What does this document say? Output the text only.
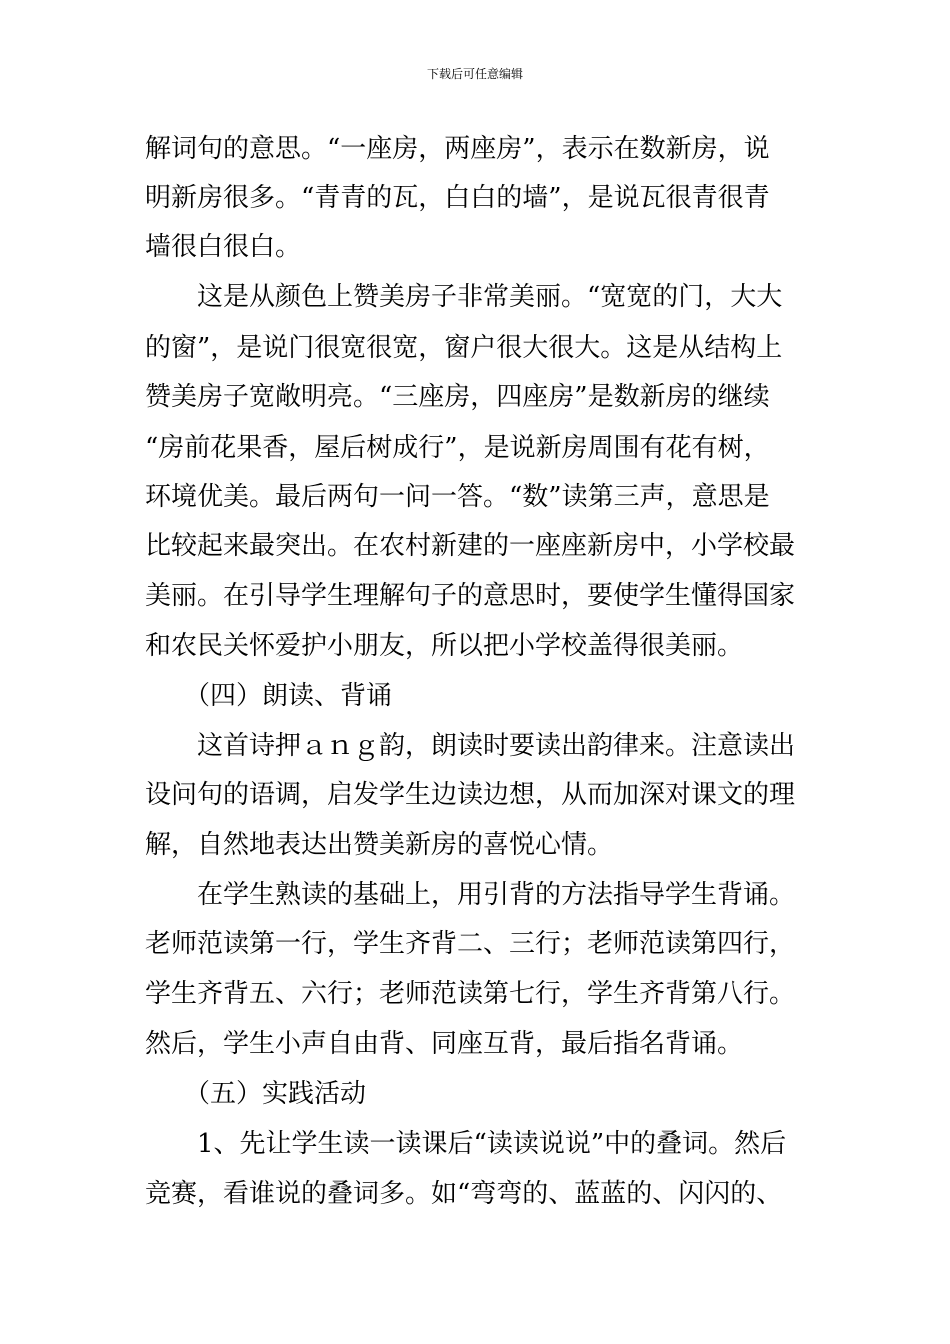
下载后可任意编辑
解词句的意思。“一座房，两座房”，表示在数新房，说
明新房很多。“青青的瓦，白白的墙”，是说瓦很青很青
墙很白很白。
　　这是从颜色上赞美房子非常美丽。“宽宽的门，大大
的窗”，是说门很宽很宽，窗户很大很大。这是从结构上
赞美房子宽敞明亮。“三座房，四座房”是数新房的继续
“房前花果香，屋后树成行”，是说新房周围有花有树，
环境优美。最后两句一问一答。“数”读第三声，意思是
比较起来最突出。在农村新建的一座座新房中，小学校最
美丽。在引导学生理解句子的意思时，要使学生懂得国家
和农民关怀爱护小朋友，所以把小学校盖得很美丽。
　　（四）朗读、背诵
　　这首诗押ａｎｇ韵，朗读时要读出韵律来。注意读出
设问句的语调，启发学生边读边想，从而加深对课文的理
解，自然地表达出赞美新房的喜悦心情。
　　在学生熟读的基础上，用引背的方法指导学生背诵。
老师范读第一行，学生齐背二、三行；老师范读第四行，
学生齐背五、六行；老师范读第七行，学生齐背第八行。
然后，学生小声自由背、同座互背，最后指名背诵。
　　（五）实践活动
　　1、先让学生读一读课后“读读说说”中的叠词。然后
竞赛，看谁说的叠词多。如“弯弯的、蓝蓝的、闪闪的、
